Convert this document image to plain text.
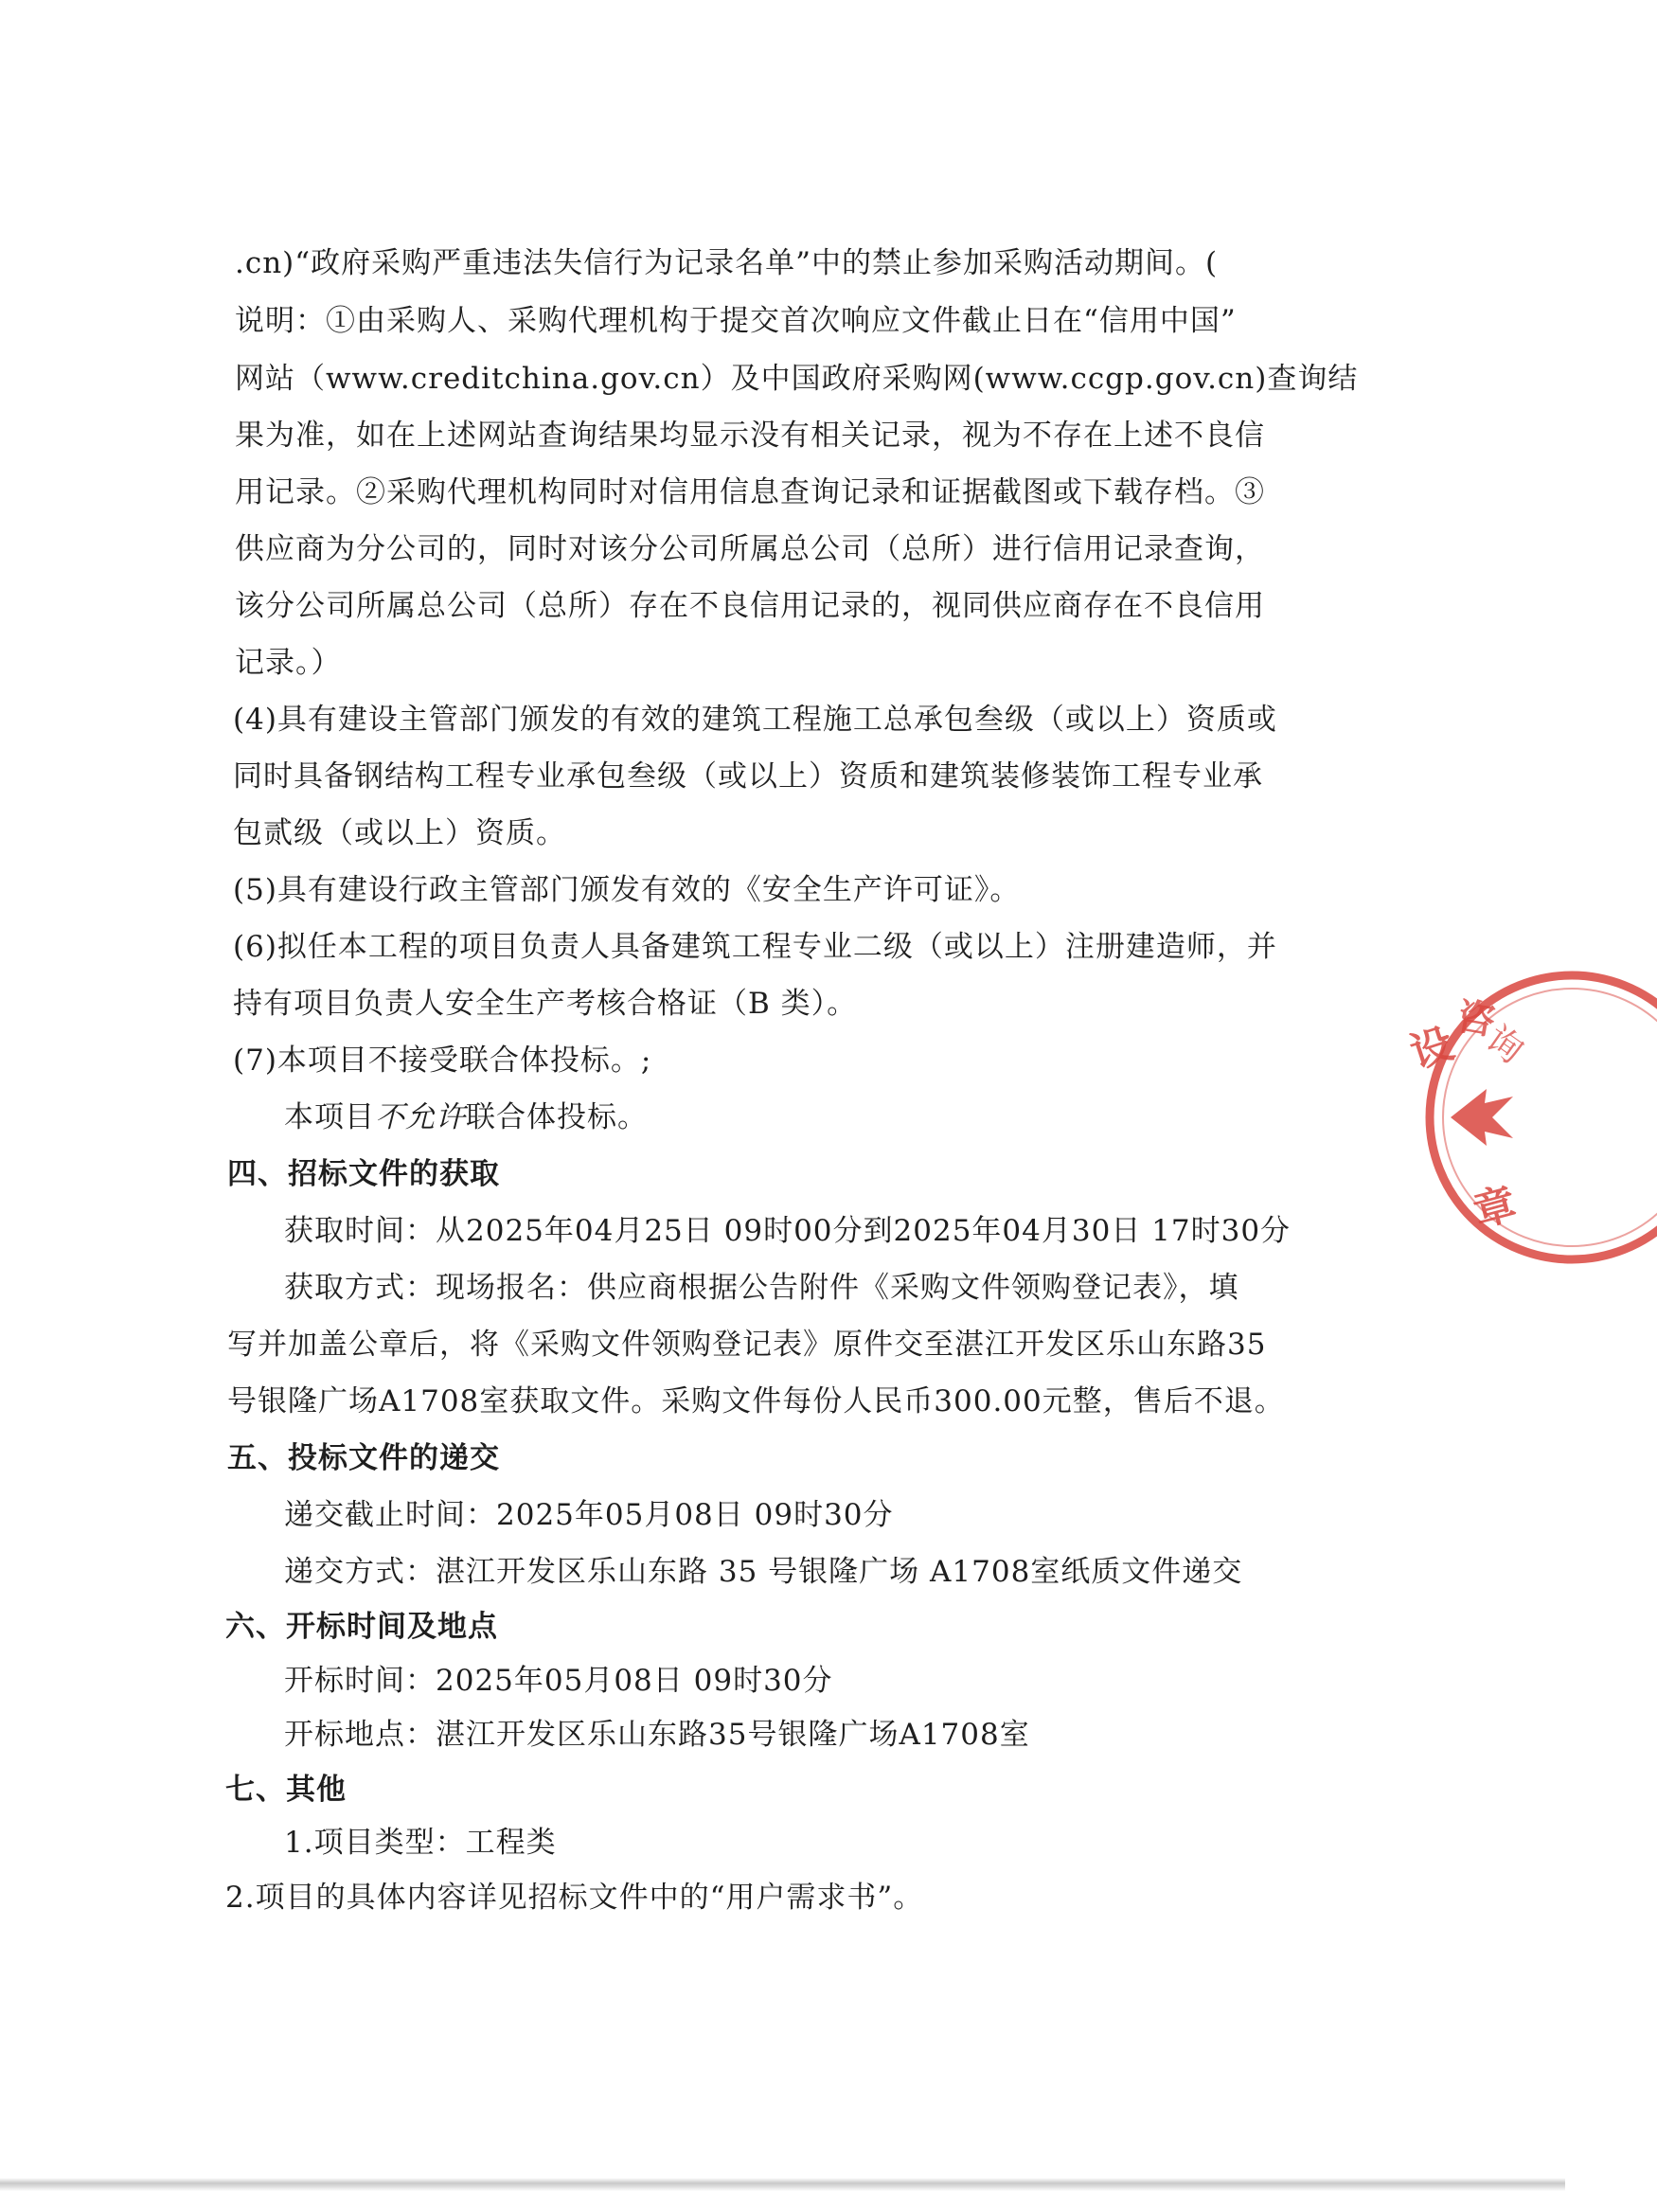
.cn)“政府采购严重违法失信行为记录名单”中的禁止参加采购活动期间。(
说明：①由采购人、采购代理机构于提交首次响应文件截止日在“信用中国”
网站（www.creditchina.gov.cn）及中国政府采购网(www.ccgp.gov.cn)查询结
果为准，如在上述网站查询结果均显示没有相关记录，视为不存在上述不良信
用记录。②采购代理机构同时对信用信息查询记录和证据截图或下载存档。③
供应商为分公司的，同时对该分公司所属总公司（总所）进行信用记录查询，
该分公司所属总公司（总所）存在不良信用记录的，视同供应商存在不良信用
记录。）
(4)具有建设主管部门颁发的有效的建筑工程施工总承包叁级（或以上）资质或
同时具备钢结构工程专业承包叁级（或以上）资质和建筑装修装饰工程专业承
包贰级（或以上）资质。
(5)具有建设行政主管部门颁发有效的《安全生产许可证》。
(6)拟任本工程的项目负责人具备建筑工程专业二级（或以上）注册建造师，并
持有项目负责人安全生产考核合格证（B 类）。
(7)本项目不接受联合体投标。;
本项目不允许联合体投标。
四、招标文件的获取
获取时间：从2025年04月25日 09时00分到2025年04月30日 17时30分
获取方式：现场报名：供应商根据公告附件《采购文件领购登记表》，填
写并加盖公章后，将《采购文件领购登记表》原件交至湛江开发区乐山东路35
号银隆广场A1708室获取文件。采购文件每份人民币300.00元整，售后不退。
五、投标文件的递交
递交截止时间：2025年05月08日 09时30分
递交方式：湛江开发区乐山东路 35 号银隆广场 A1708室纸质文件递交
六、开标时间及地点
开标时间：2025年05月08日 09时30分
开标地点：湛江开发区乐山东路35号银隆广场A1708室
七、其他
1.项目类型：工程类
2.项目的具体内容详见招标文件中的“用户需求书”。
设
咨
询
章
